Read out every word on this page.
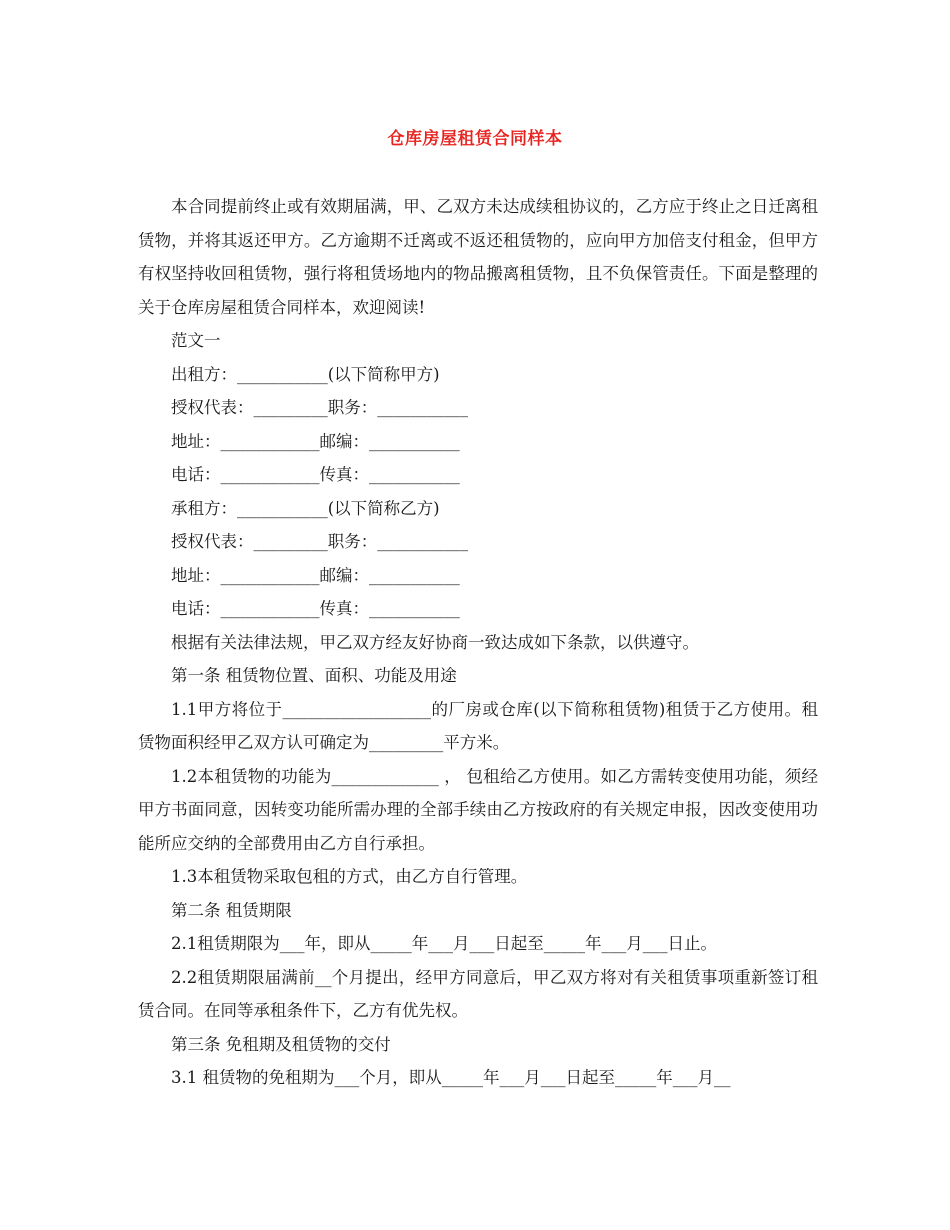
仓库房屋租赁合同样本

本合同提前终止或有效期届满，甲、乙双方未达成续租协议的，乙方应于终止之日迁离租赁物，并将其返还甲方。乙方逾期不迁离或不返还租赁物的，应向甲方加倍支付租金，但甲方有权坚持收回租赁物，强行将租赁场地内的物品搬离租赁物，且不负保管责任。下面是整理的关于仓库房屋租赁合同样本，欢迎阅读!

范文一

出租方：___________(以下简称甲方)

授权代表：_________职务：___________

地址：____________邮编：___________

电话：____________传真：___________

承租方：___________(以下简称乙方)

授权代表：_________职务：___________

地址：____________邮编：___________

电话：____________传真：___________

根据有关法律法规，甲乙双方经友好协商一致达成如下条款，以供遵守。

第一条 租赁物位置、面积、功能及用途

1.1甲方将位于__________________的厂房或仓库(以下简称租赁物)租赁于乙方使用。租赁物面积经甲乙双方认可确定为_________平方米。

1.2本租赁物的功能为_____________ ， 包租给乙方使用。如乙方需转变使用功能，须经甲方书面同意，因转变功能所需办理的全部手续由乙方按政府的有关规定申报，因改变使用功能所应交纳的全部费用由乙方自行承担。

1.3本租赁物采取包租的方式，由乙方自行管理。

第二条 租赁期限

2.1租赁期限为___年，即从_____年___月___日起至_____年___月___日止。

2.2租赁期限届满前__个月提出，经甲方同意后，甲乙双方将对有关租赁事项重新签订租赁合同。在同等承租条件下，乙方有优先权。

第三条 免租期及租赁物的交付

3.1 租赁物的免租期为___个月，即从_____年___月___日起至_____年___月__
